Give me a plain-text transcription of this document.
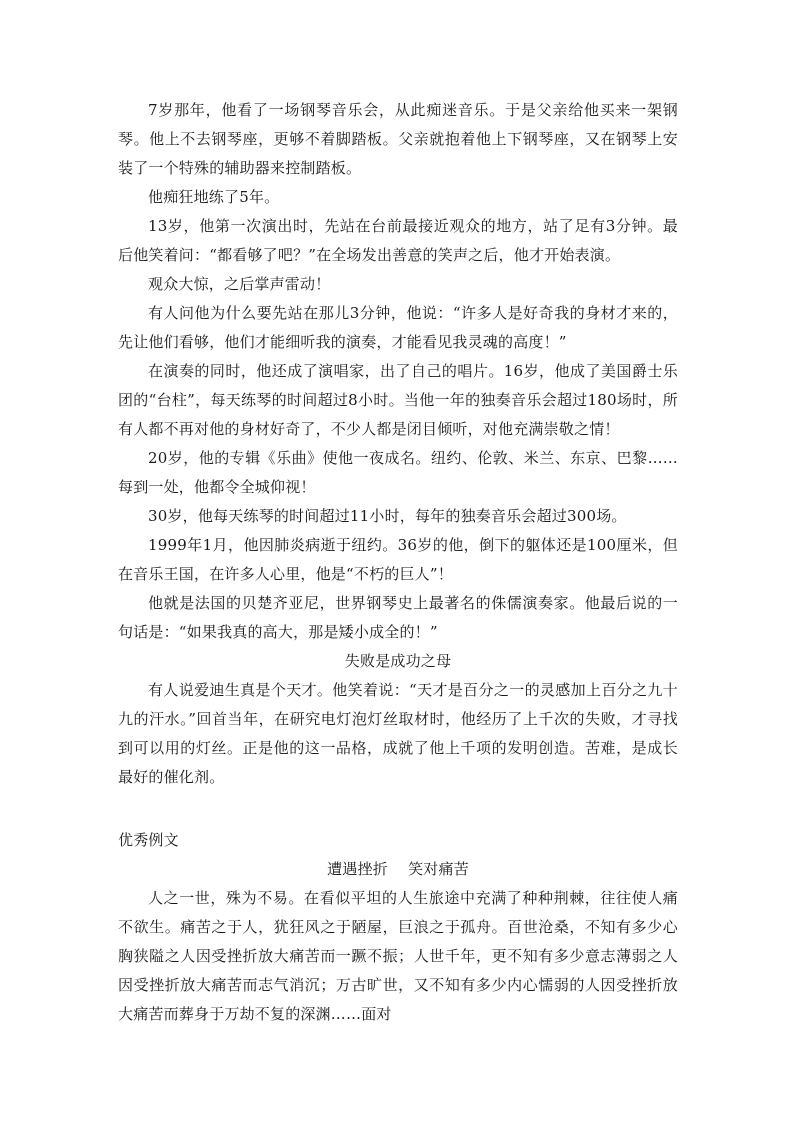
7岁那年，他看了一场钢琴音乐会，从此痴迷音乐。于是父亲给他买来一架钢琴。他上不去钢琴座，更够不着脚踏板。父亲就抱着他上下钢琴座，又在钢琴上安装了一个特殊的辅助器来控制踏板。

他痴狂地练了5年。

13岁，他第一次演出时，先站在台前最接近观众的地方，站了足有3分钟。最后他笑着问：“都看够了吧？”在全场发出善意的笑声之后，他才开始表演。

观众大惊，之后掌声雷动！

有人问他为什么要先站在那儿3分钟，他说：“许多人是好奇我的身材才来的，先让他们看够，他们才能细听我的演奏，才能看见我灵魂的高度！”

在演奏的同时，他还成了演唱家，出了自己的唱片。16岁，他成了美国爵士乐团的“台柱”，每天练琴的时间超过8小时。当他一年的独奏音乐会超过180场时，所有人都不再对他的身材好奇了，不少人都是闭目倾听，对他充满崇敬之情！

20岁，他的专辑《乐曲》使他一夜成名。纽约、伦敦、米兰、东京、巴黎……每到一处，他都令全城仰视！

30岁，他每天练琴的时间超过11小时，每年的独奏音乐会超过300场。

1999年1月，他因肺炎病逝于纽约。36岁的他，倒下的躯体还是100厘米，但在音乐王国，在许多人心里，他是“不朽的巨人”！

他就是法国的贝楚齐亚尼，世界钢琴史上最著名的侏儒演奏家。他最后说的一句话是：“如果我真的高大，那是矮小成全的！”

失败是成功之母

有人说爱迪生真是个天才。他笑着说：“天才是百分之一的灵感加上百分之九十九的汗水。”回首当年，在研究电灯泡灯丝取材时，他经历了上千次的失败，才寻找到可以用的灯丝。正是他的这一品格，成就了他上千项的发明创造。苦难，是成长最好的催化剂。

优秀例文

遭遇挫折　 笑对痛苦

人之一世，殊为不易。在看似平坦的人生旅途中充满了种种荆棘，往往使人痛不欲生。痛苦之于人，犹狂风之于陋屋，巨浪之于孤舟。百世沧桑，不知有多少心胸狭隘之人因受挫折放大痛苦而一蹶不振；人世千年，更不知有多少意志薄弱之人因受挫折放大痛苦而志气消沉；万古旷世，又不知有多少内心懦弱的人因受挫折放大痛苦而葬身于万劫不复的深渊……面对
